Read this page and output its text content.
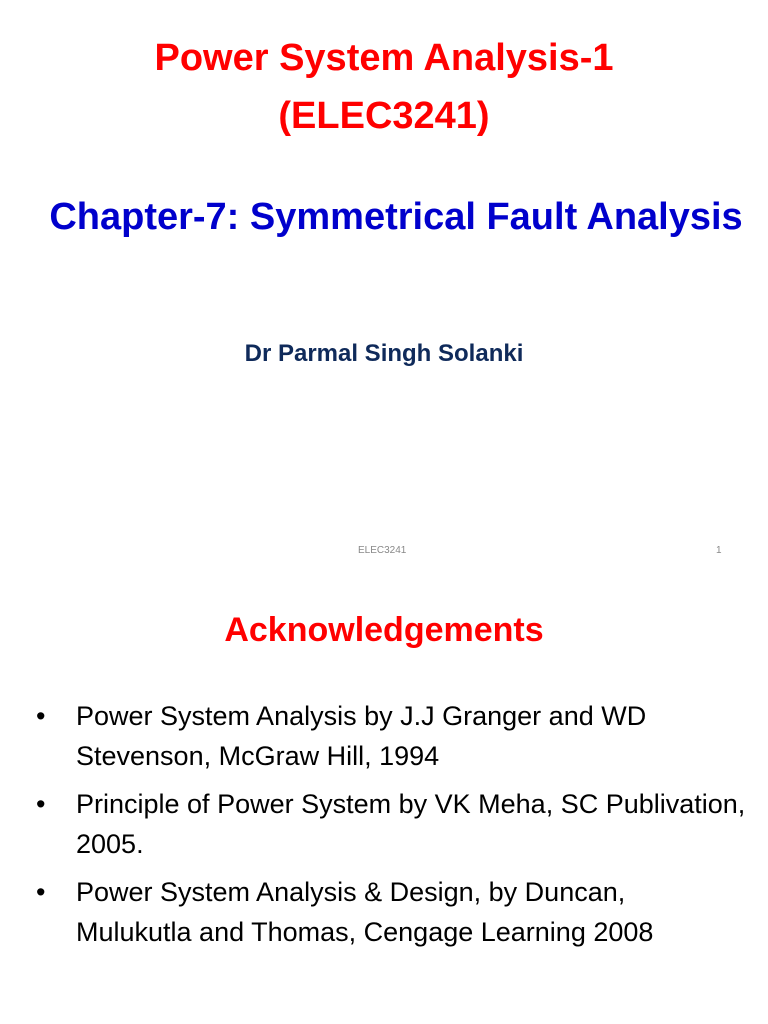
Power System Analysis-1
(ELEC3241)
Chapter-7: Symmetrical Fault Analysis
Dr Parmal Singh Solanki
ELEC3241	1
Acknowledgements
•	Power System Analysis by J.J Granger and WD Stevenson, McGraw Hill, 1994
•	Principle of Power System by VK Meha, SC Publivation, 2005.
•	Power System Analysis & Design, by Duncan, Mulukutla and Thomas, Cengage Learning 2008
